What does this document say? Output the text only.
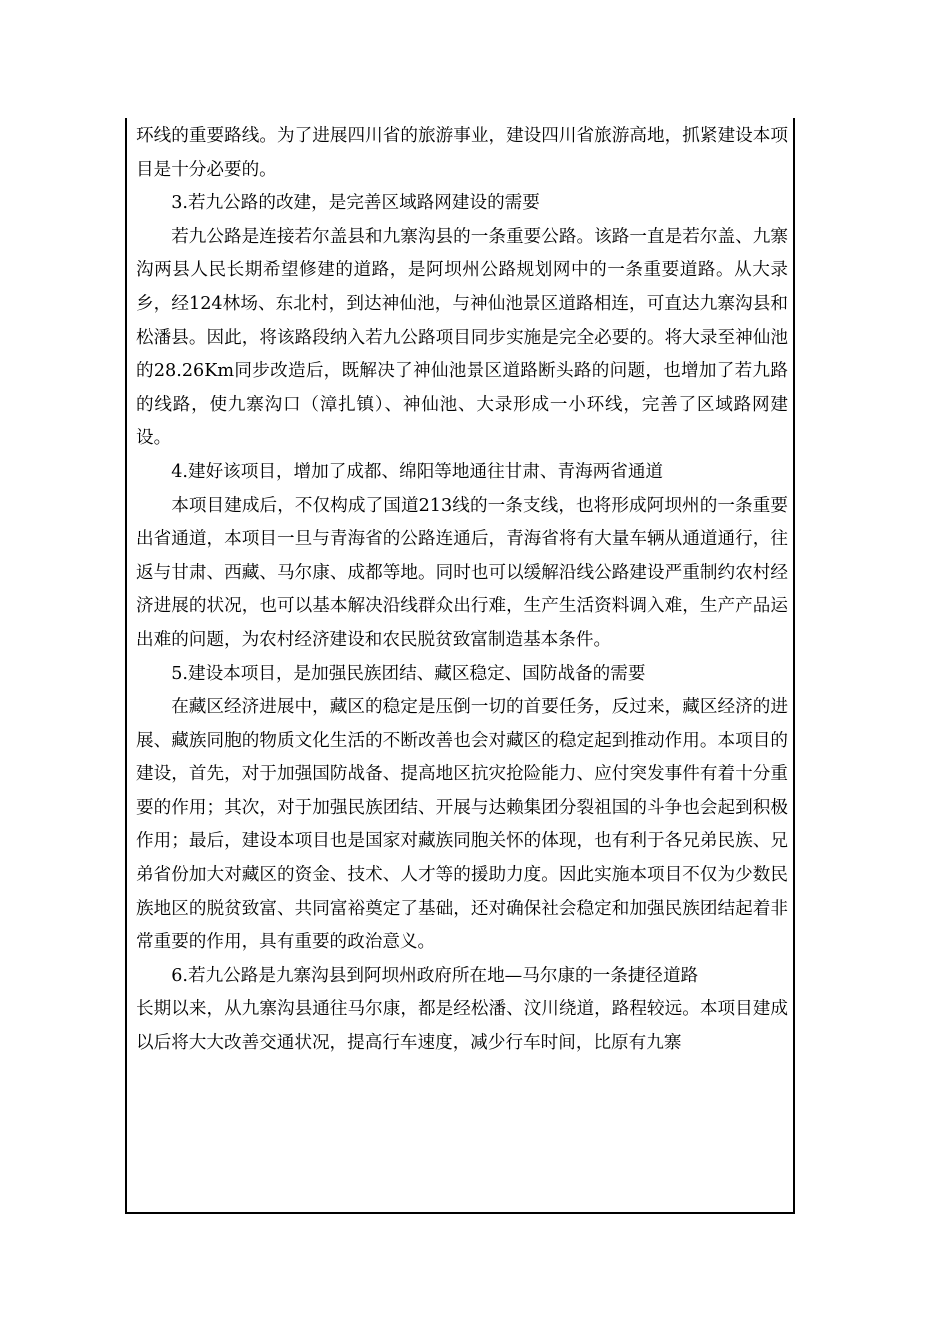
环线的重要路线。为了进展四川省的旅游事业，建设四川省旅游高地，抓紧建设本项目是十分必要的。

3.若九公路的改建，是完善区域路网建设的需要

若九公路是连接若尔盖县和九寨沟县的一条重要公路。该路一直是若尔盖、九寨沟两县人民长期希望修建的道路，是阿坝州公路规划网中的一条重要道路。从大录乡，经124林场、东北村，到达神仙池，与神仙池景区道路相连，可直达九寨沟县和松潘县。因此，将该路段纳入若九公路项目同步实施是完全必要的。将大录至神仙池的28.26Km同步改造后，既解决了神仙池景区道路断头路的问题，也增加了若九路的线路，使九寨沟口（漳扎镇）、神仙池、大录形成一小环线，完善了区域路网建设。

4.建好该项目，增加了成都、绵阳等地通往甘肃、青海两省通道

本项目建成后，不仅构成了国道213线的一条支线，也将形成阿坝州的一条重要出省通道，本项目一旦与青海省的公路连通后，青海省将有大量车辆从通道通行，往返与甘肃、西藏、马尔康、成都等地。同时也可以缓解沿线公路建设严重制约农村经济进展的状况，也可以基本解决沿线群众出行难，生产生活资料调入难，生产产品运出难的问题，为农村经济建设和农民脱贫致富制造基本条件。

5.建设本项目，是加强民族团结、藏区稳定、国防战备的需要

在藏区经济进展中，藏区的稳定是压倒一切的首要任务，反过来，藏区经济的进展、藏族同胞的物质文化生活的不断改善也会对藏区的稳定起到推动作用。本项目的建设，首先，对于加强国防战备、提高地区抗灾抢险能力、应付突发事件有着十分重要的作用；其次，对于加强民族团结、开展与达赖集团分裂祖国的斗争也会起到积极作用；最后，建设本项目也是国家对藏族同胞关怀的体现，也有利于各兄弟民族、兄弟省份加大对藏区的资金、技术、人才等的援助力度。因此实施本项目不仅为少数民族地区的脱贫致富、共同富裕奠定了基础，还对确保社会稳定和加强民族团结起着非常重要的作用，具有重要的政治意义。

6.若九公路是九寨沟县到阿坝州政府所在地—马尔康的一条捷径道路

长期以来，从九寨沟县通往马尔康，都是经松潘、汶川绕道，路程较远。本项目建成以后将大大改善交通状况，提高行车速度，减少行车时间，比原有九寨
